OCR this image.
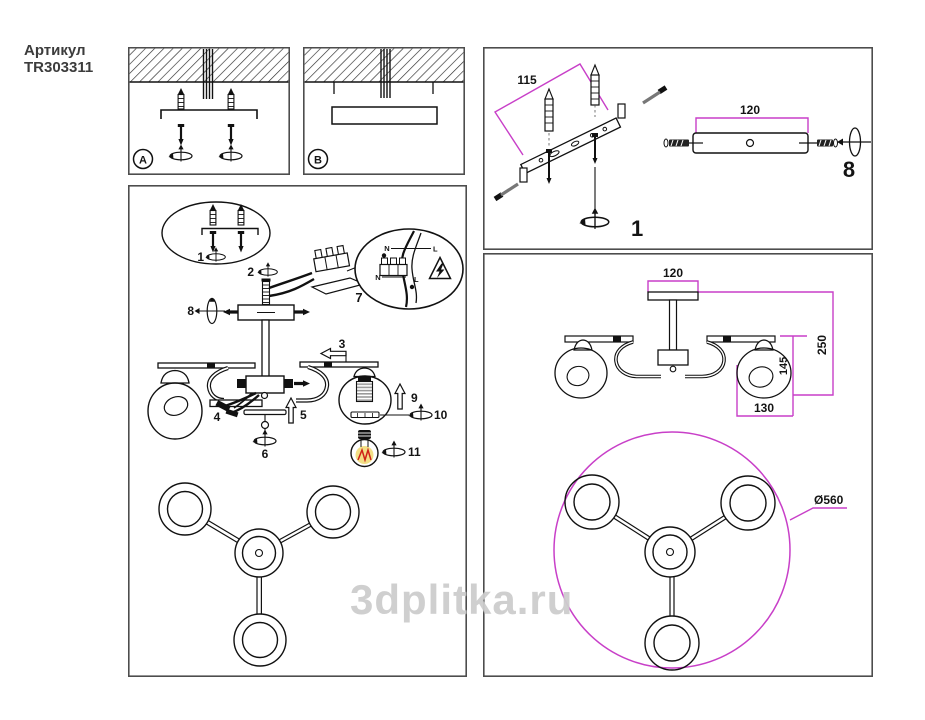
Артикул
TR303311
A	B
1
2
N	L
N	L
7
8
3
4	5
6
9
10
11
115
1
120
8
120
250
145
130
Ø560
3dplitka.ru
